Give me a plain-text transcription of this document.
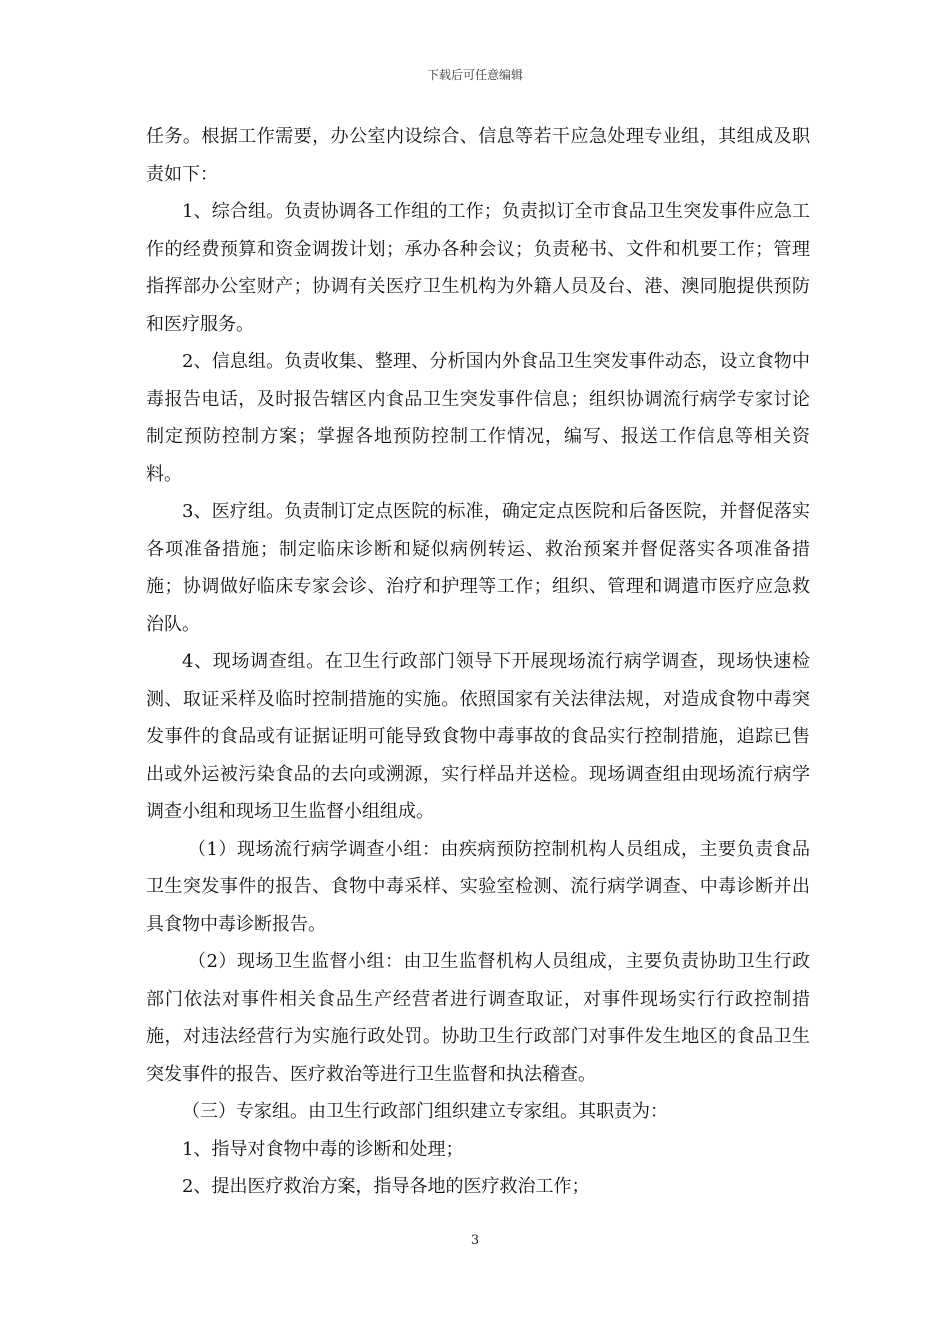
下载后可任意编辑

任务。根据工作需要，办公室内设综合、信息等若干应急处理专业组，其组成及职责如下：

1、综合组。负责协调各工作组的工作；负责拟订全市食品卫生突发事件应急工作的经费预算和资金调拨计划；承办各种会议；负责秘书、文件和机要工作；管理指挥部办公室财产；协调有关医疗卫生机构为外籍人员及台、港、澳同胞提供预防和医疗服务。

2、信息组。负责收集、整理、分析国内外食品卫生突发事件动态，设立食物中毒报告电话，及时报告辖区内食品卫生突发事件信息；组织协调流行病学专家讨论制定预防控制方案；掌握各地预防控制工作情况，编写、报送工作信息等相关资料。

3、医疗组。负责制订定点医院的标准，确定定点医院和后备医院，并督促落实各项准备措施；制定临床诊断和疑似病例转运、救治预案并督促落实各项准备措施；协调做好临床专家会诊、治疗和护理等工作；组织、管理和调遣市医疗应急救治队。

4、现场调查组。在卫生行政部门领导下开展现场流行病学调查，现场快速检测、取证采样及临时控制措施的实施。依照国家有关法律法规，对造成食物中毒突发事件的食品或有证据证明可能导致食物中毒事故的食品实行控制措施，追踪已售出或外运被污染食品的去向或溯源，实行样品并送检。现场调查组由现场流行病学调查小组和现场卫生监督小组组成。

（1）现场流行病学调查小组：由疾病预防控制机构人员组成，主要负责食品卫生突发事件的报告、食物中毒采样、实验室检测、流行病学调查、中毒诊断并出具食物中毒诊断报告。

（2）现场卫生监督小组：由卫生监督机构人员组成，主要负责协助卫生行政部门依法对事件相关食品生产经营者进行调查取证，对事件现场实行行政控制措施，对违法经营行为实施行政处罚。协助卫生行政部门对事件发生地区的食品卫生突发事件的报告、医疗救治等进行卫生监督和执法稽查。

（三）专家组。由卫生行政部门组织建立专家组。其职责为：

1、指导对食物中毒的诊断和处理；

2、提出医疗救治方案，指导各地的医疗救治工作；

3
